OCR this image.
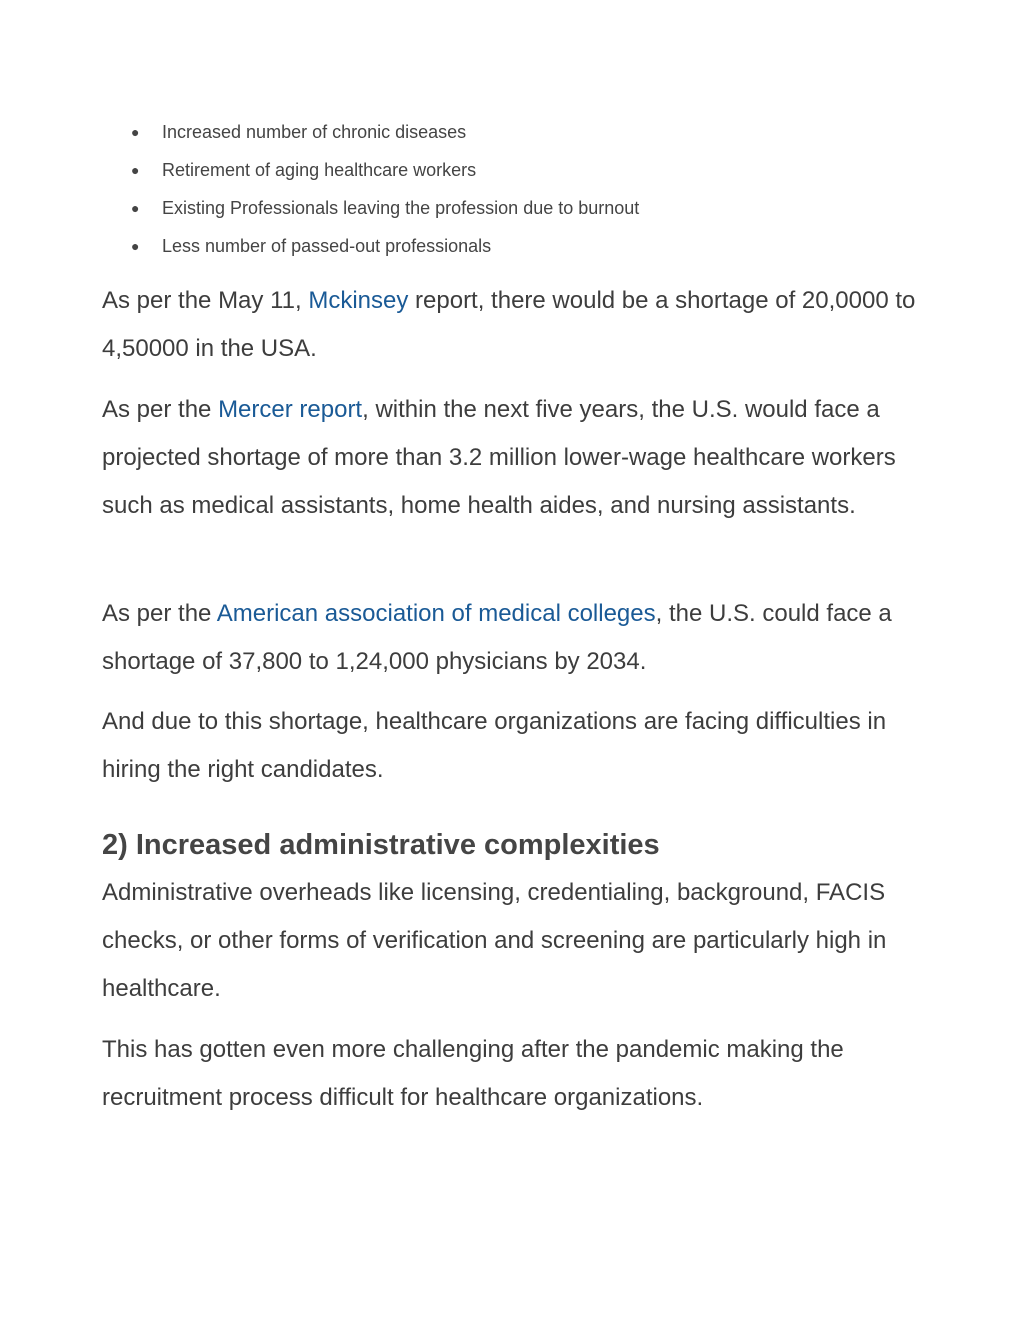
● Increased number of chronic diseases
● Retirement of aging healthcare workers
● Existing Professionals leaving the profession due to burnout
● Less number of passed-out professionals

As per the May 11, Mckinsey report, there would be a shortage of 20,0000 to 4,50000 in the USA.

As per the Mercer report, within the next five years, the U.S. would face a projected shortage of more than 3.2 million lower-wage healthcare workers such as medical assistants, home health aides, and nursing assistants.

As per the American association of medical colleges, the U.S. could face a shortage of 37,800 to 1,24,000 physicians by 2034.

And due to this shortage, healthcare organizations are facing difficulties in hiring the right candidates.

2) Increased administrative complexities

Administrative overheads like licensing, credentialing, background, FACIS checks, or other forms of verification and screening are particularly high in healthcare.

This has gotten even more challenging after the pandemic making the recruitment process difficult for healthcare organizations.
